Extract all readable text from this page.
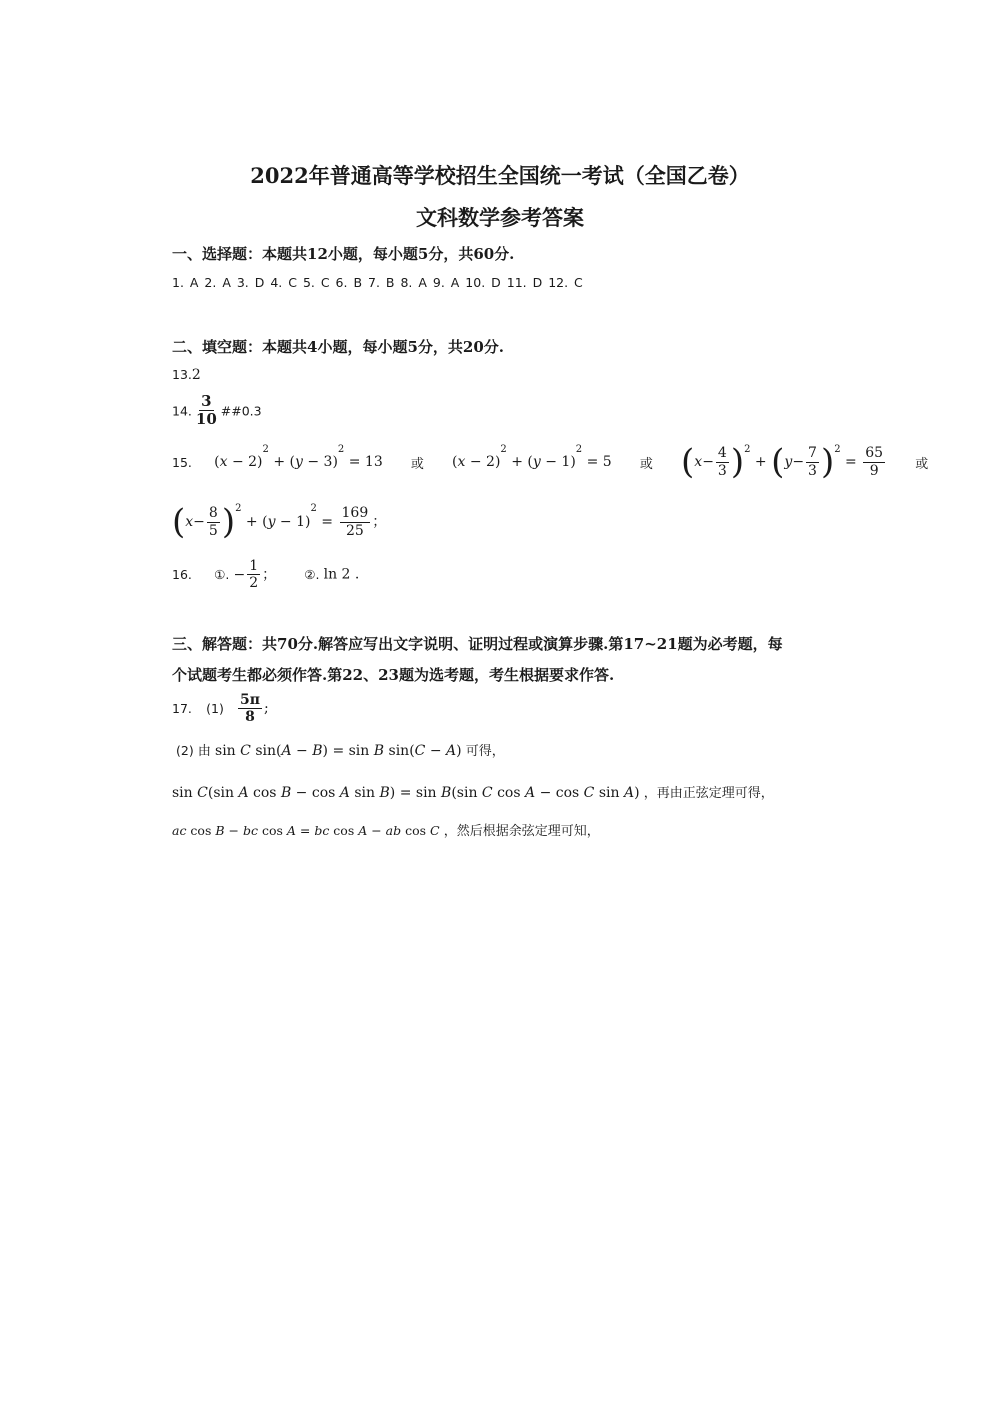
2022年普通高等学校招生全国统一考试（全国乙卷）
文科数学参考答案
一、选择题：本题共12小题，每小题5分，共60分.
1. A 2. A 3. D 4. C 5. C 6. B 7. B 8. A 9. A 10. D 11. D 12. C
二、填空题：本题共4小题，每小题5分，共20分.
13.2
14. $\frac{3}{10}$ ##0.3
15. $(x - 2)^2 + (y - 3)^2 = 13$ 或 $(x - 2)^2 + (y - 1)^2 = 5$ 或 $(x- \frac{4}{3} )^2 + (y- \frac{7}{3} )^2 = \frac{65}{9}$ 或
$(x- \frac{8}{5} )^2 + (y - 1)^2 = \frac{169}{25}$ ；
16. ①. − $\frac{1}{2}$ ； ②. ln 2 .
三、解答题：共70分.解答应写出文字说明、证明过程或演算步骤.第17~21题为必考题，每
个试题考生都必须作答.第22、23题为选考题，考生根据要求作答.
17. $(1) \frac{5\pi}{8}$ ;
(2) 由 sin C sin(A − B) = sin B sin(C − A) 可得，
sin C(sin A cos B − cos A sin B) = sin B(sin C cos A − cos C sin A) ，再由正弦定理可得，
ac cos B − bc cos A = bc cos A − ab cos C ，然后根据余弦定理可知，
